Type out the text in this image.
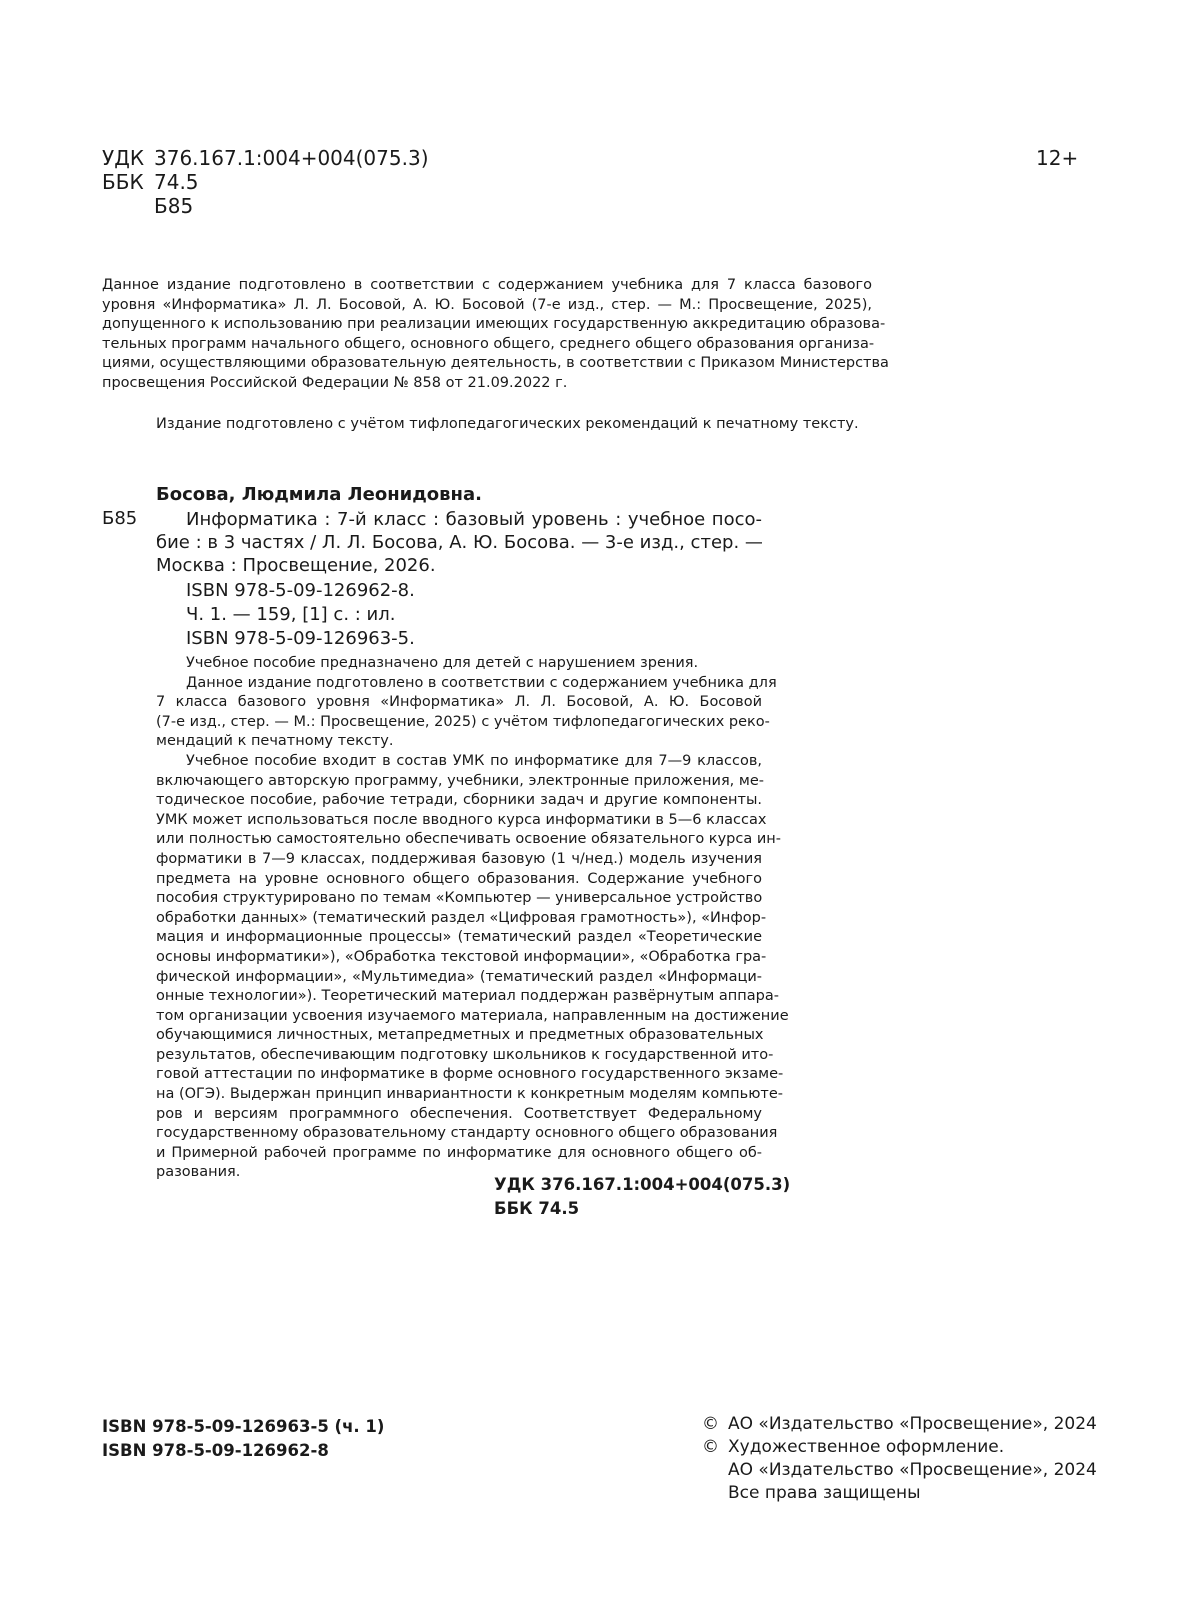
УДК 376.167.1:004+004(075.3)
ББК 74.5
Б85
12+
Данное издание подготовлено в соответствии с содержанием учебника для 7 класса базового
уровня «Информатика» Л. Л. Босовой, А. Ю. Босовой (7-е изд., стер. — М.: Просвещение, 2025),
допущенного к использованию при реализации имеющих государственную аккредитацию образова-
тельных программ начального общего, основного общего, среднего общего образования организа-
циями, осуществляющими образовательную деятельность, в соответствии с Приказом Министерства
просвещения Российской Федерации № 858 от 21.09.2022 г.
Издание подготовлено с учётом тифлопедагогических рекомендаций к печатному тексту.
Босова, Людмила Леонидовна.
Б85	Информатика : 7-й класс : базовый уровень : учебное посо-
бие : в 3 частях / Л. Л. Босова, А. Ю. Босова. — 3-е изд., стер. —
Москва : Просвещение, 2026.
ISBN 978-5-09-126962-8.
Ч. 1. — 159, [1] с. : ил.
ISBN 978-5-09-126963-5.
Учебное пособие предназначено для детей с нарушением зрения.
Данное издание подготовлено в соответствии с содержанием учебника для
7 класса базового уровня «Информатика» Л. Л. Босовой, А. Ю. Босовой
(7-е изд., стер. — М.: Просвещение, 2025) с учётом тифлопедагогических реко-
мендаций к печатному тексту.
Учебное пособие входит в состав УМК по информатике для 7—9 классов,
включающего авторскую программу, учебники, электронные приложения, ме-
тодическое пособие, рабочие тетради, сборники задач и другие компоненты.
УМК может использоваться после вводного курса информатики в 5—6 классах
или полностью самостоятельно обеспечивать освоение обязательного курса ин-
форматики в 7—9 классах, поддерживая базовую (1 ч/нед.) модель изучения
предмета на уровне основного общего образования. Содержание учебного
пособия структурировано по темам «Компьютер — универсальное устройство
обработки данных» (тематический раздел «Цифровая грамотность»), «Инфор-
мация и информационные процессы» (тематический раздел «Теоретические
основы информатики»), «Обработка текстовой информации», «Обработка гра-
фической информации», «Мультимедиа» (тематический раздел «Информаци-
онные технологии»). Теоретический материал поддержан развёрнутым аппара-
том организации усвоения изучаемого материала, направленным на достижение
обучающимися личностных, метапредметных и предметных образовательных
результатов, обеспечивающим подготовку школьников к государственной ито-
говой аттестации по информатике в форме основного государственного экзаме-
на (ОГЭ). Выдержан принцип инвариантности к конкретным моделям компьюте-
ров и версиям программного обеспечения. Соответствует Федеральному
государственному образовательному стандарту основного общего образования
и Примерной рабочей программе по информатике для основного общего об-
разования.
УДК 376.167.1:004+004(075.3)
ББК 74.5
ISBN 978-5-09-126963-5 (ч. 1)
ISBN 978-5-09-126962-8
© АО «Издательство «Просвещение», 2024
© Художественное оформление.
АО «Издательство «Просвещение», 2024
Все права защищены
